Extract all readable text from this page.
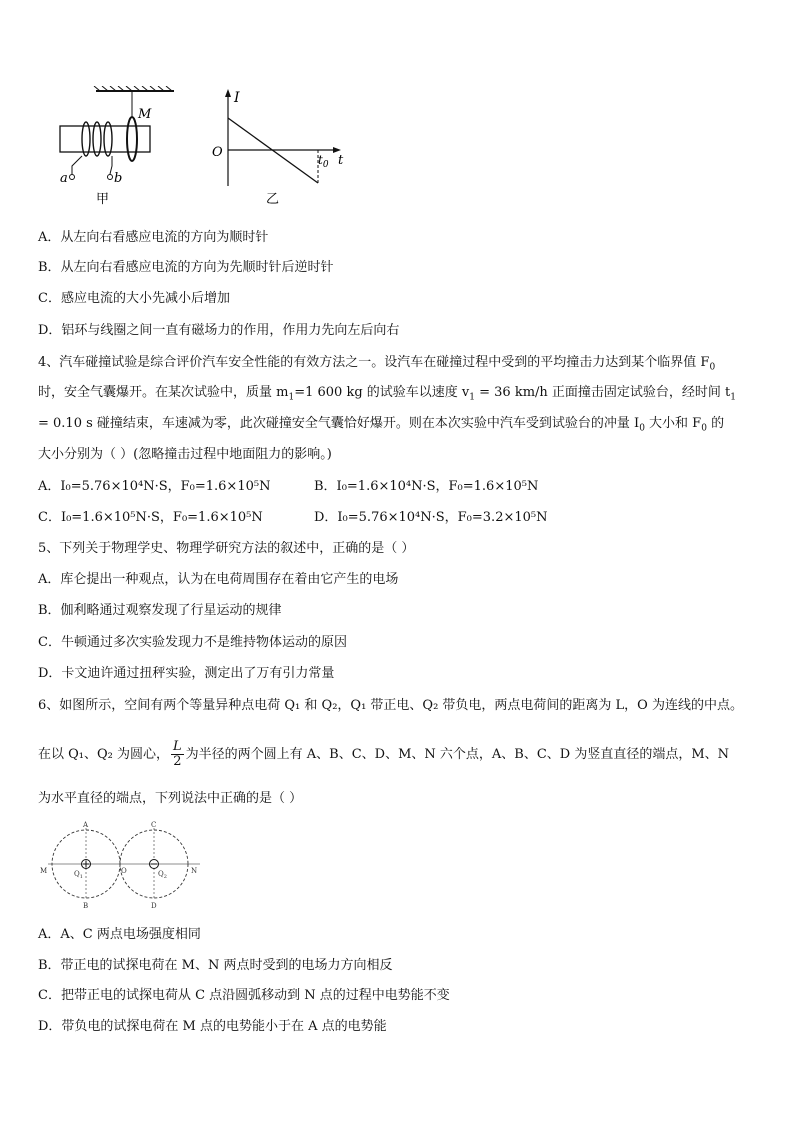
M
a	b
甲
I
O
t
$t_0$
乙
A．从左向右看感应电流的方向为顺时针
B．从左向右看感应电流的方向为先顺时针后逆时针
C．感应电流的大小先减小后增加
D．铝环与线圈之间一直有磁场力的作用，作用力先向左后向右
4、汽车碰撞试验是综合评价汽车安全性能的有效方法之一。设汽车在碰撞过程中受到的平均撞击力达到某个临界值 $F_0$
时，安全气囊爆开。在某次试验中，质量 $m_1=1$ 600 kg 的试验车以速度 $v_1 = 36$ km/h 正面撞击固定试验台，经时间 $t_1$
= 0.10 s 碰撞结束，车速减为零，此次碰撞安全气囊恰好爆开。则在本次实验中汽车受到试验台的冲量 $I_0$ 大小和 $F_0$ 的
大小分别为（ ）(忽略撞击过程中地面阻力的影响。)
A．I₀=5.76×10⁴N·S，F₀=1.6×10⁵N	B．I₀=1.6×10⁴N·S，F₀=1.6×10⁵N
C．I₀=1.6×10⁵N·S，F₀=1.6×10⁵N	D．I₀=5.76×10⁴N·S，F₀=3.2×10⁵N
5、下列关于物理学史、物理学研究方法的叙述中，正确的是（ ）
A．库仑提出一种观点，认为在电荷周围存在着由它产生的电场
B．伽利略通过观察发现了行星运动的规律
C．牛顿通过多次实验发现力不是维持物体运动的原因
D．卡文迪许通过扭秤实验，测定出了万有引力常量
6、如图所示，空间有两个等量异种点电荷 Q₁ 和 Q₂，Q₁ 带正电、Q₂ 带负电，两点电荷间的距离为 L，O 为连线的中点。
在以 Q₁、Q₂ 为圆心， $\frac{L}{2}$ 为半径的两个圆上有 A、B、C、D、M、N 六个点，A、B、C、D 为竖直直径的端点，M、N
为水平直径的端点，下列说法中正确的是（ ）
A	C
B	D
M	N
O
$Q_1$	$Q_2$
A．A、C 两点电场强度相同
B．带正电的试探电荷在 M、N 两点时受到的电场力方向相反
C．把带正电的试探电荷从 C 点沿圆弧移动到 N 点的过程中电势能不变
D．带负电的试探电荷在 M 点的电势能小于在 A 点的电势能
